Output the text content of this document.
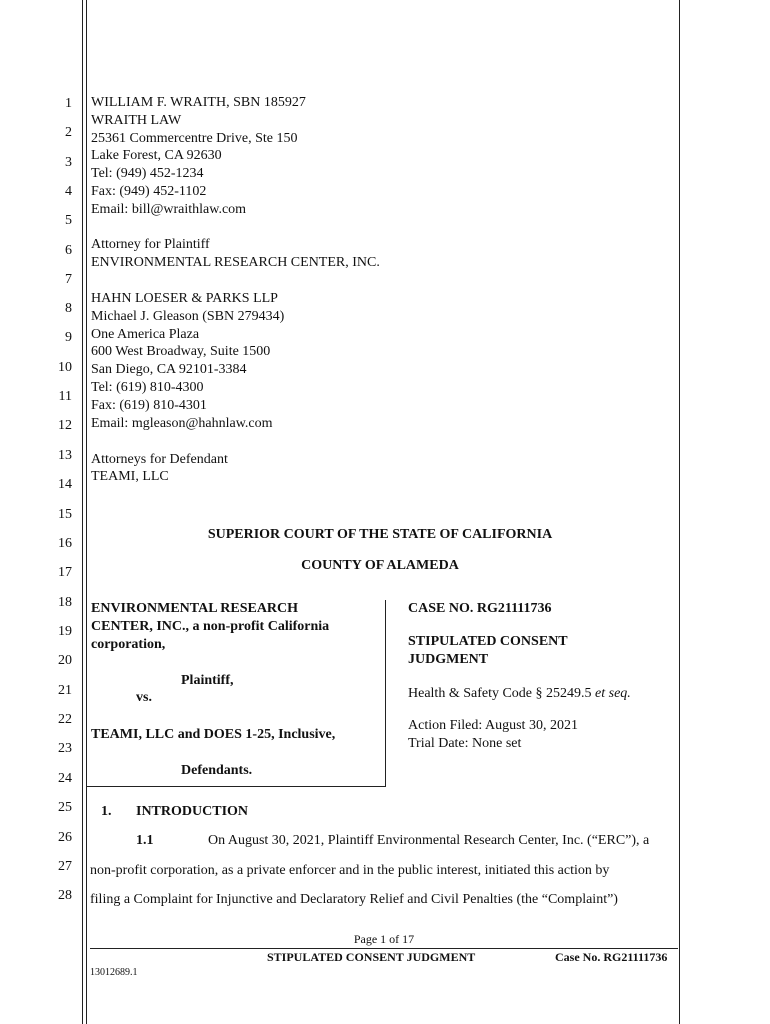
1
2
3
4
5
6
7
8
9
10
11
12
13
14
15
16
17
18
19
20
21
22
23
24
25
26
27
28
WILLIAM F. WRAITH, SBN 185927
WRAITH LAW
25361 Commercentre Drive, Ste 150
Lake Forest, CA 92630
Tel: (949) 452-1234
Fax: (949) 452-1102
Email: bill@wraithlaw.com
Attorney for Plaintiff
ENVIRONMENTAL RESEARCH CENTER, INC.
HAHN LOESER & PARKS LLP
Michael J. Gleason (SBN 279434)
One America Plaza
600 West Broadway, Suite 1500
San Diego, CA 92101-3384
Tel: (619) 810-4300
Fax: (619) 810-4301
Email: mgleason@hahnlaw.com
Attorneys for Defendant
TEAMI, LLC
SUPERIOR COURT OF THE STATE OF CALIFORNIA
COUNTY OF ALAMEDA
ENVIRONMENTAL RESEARCH
CENTER, INC., a non-profit California
corporation,
Plaintiff,
vs.
TEAMI, LLC and DOES 1-25, Inclusive,
Defendants.
CASE NO. RG21111736
STIPULATED CONSENT
JUDGMENT
Health & Safety Code § 25249.5 et seq.
Action Filed: August 30, 2021
Trial Date: None set
1. INTRODUCTION
1.1	On August 30, 2021, Plaintiff Environmental Research Center, Inc. (“ERC”), a
non-profit corporation, as a private enforcer and in the public interest, initiated this action by
filing a Complaint for Injunctive and Declaratory Relief and Civil Penalties (the “Complaint”)
Page 1 of 17
STIPULATED CONSENT JUDGMENT	Case No. RG21111736
13012689.1
